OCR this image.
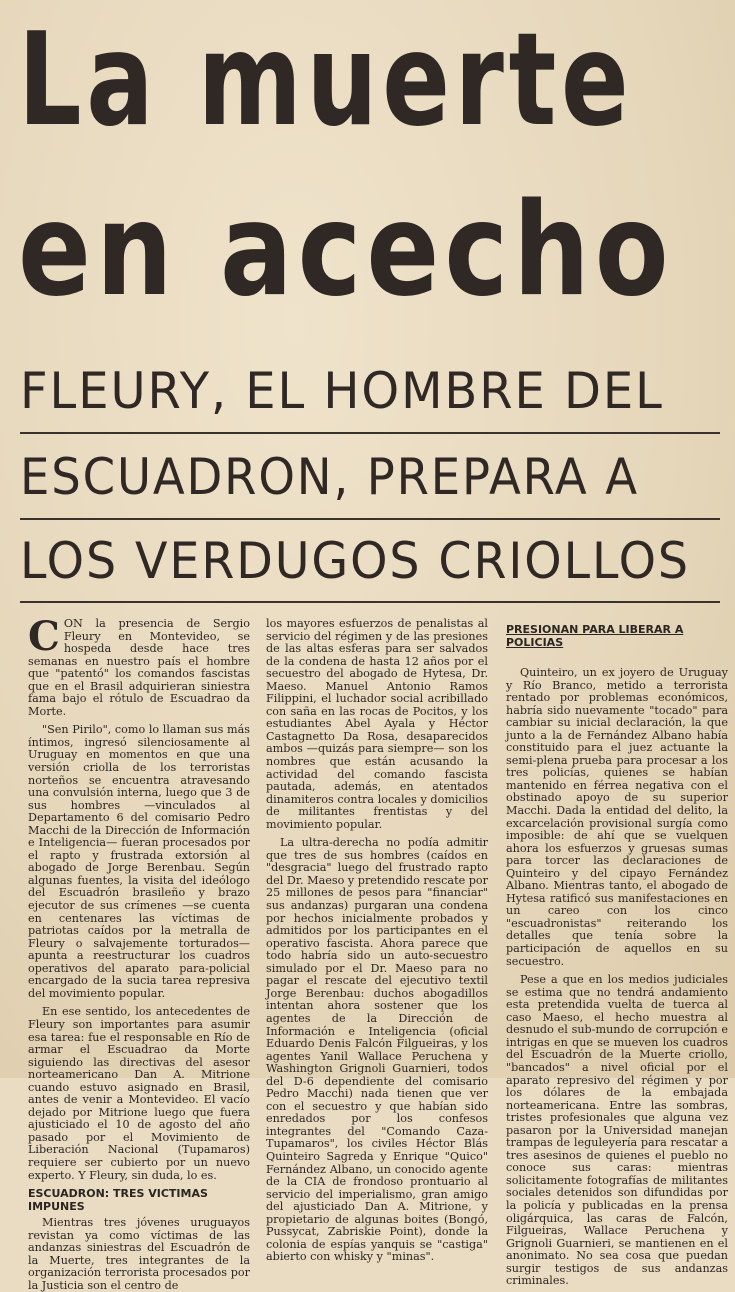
La muerte
en acecho
FLEURY, EL HOMBRE DEL
ESCUADRON, PREPARA A
LOS VERDUGOS CRIOLLOS

CON la presencia de Sergio Fleury en Montevideo, se hospeda desde hace tres semanas en nuestro país el hombre que "patentó" los comandos fascistas que en el Brasil adquirieran siniestra fama bajo el rótulo de Escuadrao da Morte.

"Sen Pirilo", como lo llaman sus más íntimos, ingresó silenciosamente al Uruguay en momentos en que una versión criolla de los terroristas norteños se encuentra atravesando una convulsión interna, luego que 3 de sus hombres —vinculados al Departamento 6 del comisario Pedro Macchi de la Dirección de Información e Inteligencia— fueran procesados por el rapto y frustrada extorsión al abogado de Jorge Berenbau. Según algunas fuentes, la visita del ideólogo del Escuadrón brasileño y brazo ejecutor de sus crímenes —se cuenta en centenares las víctimas de patriotas caídos por la metralla de Fleury o salvajemente torturados— apunta a reestructurar los cuadros operativos del aparato para-policial encargado de la sucia tarea represiva del movimiento popular.

En ese sentido, los antecedentes de Fleury son importantes para asumir esa tarea: fue el responsable en Río de armar el Escuadrao da Morte siguiendo las directivas del asesor norteamericano Dan A. Mitrione cuando estuvo asignado en Brasil, antes de venir a Montevideo. El vacío dejado por Mitrione luego que fuera ajusticiado el 10 de agosto del año pasado por el Movimiento de Liberación Nacional (Tupamaros) requiere ser cubierto por un nuevo experto. Y Fleury, sin duda, lo es.

ESCUADRON: TRES VICTIMAS IMPUNES

Mientras tres jóvenes uruguayos revistan ya como víctimas de las andanzas siniestras del Escuadrón de la Muerte, tres integrantes de la organización terrorista procesados por la Justicia son el centro de

los mayores esfuerzos de penalistas al servicio del régimen y de las presiones de las altas esferas para ser salvados de la condena de hasta 12 años por el secuestro del abogado de Hytesa, Dr. Maeso. Manuel Antonio Ramos Filippini, el luchador social acribillado con saña en las rocas de Pocitos, y los estudiantes Abel Ayala y Héctor Castagnetto Da Rosa, desaparecidos ambos —quizás para siempre— son los nombres que están acusando la actividad del comando fascista pautada, además, en atentados dinamiteros contra locales y domicilios de militantes frentistas y del movimiento popular.

La ultra-derecha no podía admitir que tres de sus hombres (caídos en "desgracia" luego del frustrado rapto del Dr. Maeso y pretendido rescate por 25 millones de pesos para "financiar" sus andanzas) purgaran una condena por hechos inicialmente probados y admitidos por los participantes en el operativo fascista. Ahora parece que todo habría sido un auto-secuestro simulado por el Dr. Maeso para no pagar el rescate del ejecutivo textil Jorge Berenbau: duchos abogadillos intentan ahora sostener que los agentes de la Dirección de Información e Inteligencia (oficial Eduardo Denis Falcón Filgueiras, y los agentes Yanil Wallace Peruchena y Washington Grignoli Guarnieri, todos del D-6 dependiente del comisario Pedro Macchi) nada tienen que ver con el secuestro y que habían sido enredados por los confesos integrantes del "Comando Caza-Tupamaros", los civiles Héctor Blás Quinteiro Sagreda y Enrique "Quico" Fernández Albano, un conocido agente de la CIA de frondoso prontuario al servicio del imperialismo, gran amigo del ajusticiado Dan A. Mitrione, y propietario de algunas boites (Bongó, Pussycat, Zabriskie Point), donde la colonia de espías yanquis se "castiga" abierto con whisky y "minas".

PRESIONAN PARA LIBERAR A POLICIAS

Quinteiro, un ex joyero de Uruguay y Río Branco, metido a terrorista rentado por problemas económicos, habría sido nuevamente "tocado" para cambiar su inicial declaración, la que junto a la de Fernández Albano había constituido para el juez actuante la semi-plena prueba para procesar a los tres policías, quienes se habían mantenido en férrea negativa con el obstinado apoyo de su superior Macchi. Dada la entidad del delito, la excarcelación provisional surgía como imposible: de ahí que se vuelquen ahora los esfuerzos y gruesas sumas para torcer las declaraciones de Quinteiro y del cipayo Fernández Albano. Mientras tanto, el abogado de Hytesa ratificó sus manifestaciones en un careo con los cinco "escuadronistas" reiterando los detalles que tenía sobre la participación de aquellos en su secuestro.

Pese a que en los medios judiciales se estima que no tendrá andamiento esta pretendida vuelta de tuerca al caso Maeso, el hecho muestra al desnudo el sub-mundo de corrupción e intrigas en que se mueven los cuadros del Escuadrón de la Muerte criollo, "bancados" a nivel oficial por el aparato represivo del régimen y por los dólares de la embajada norteamericana. Entre las sombras, tristes profesionales que alguna vez pasaron por la Universidad manejan trampas de leguleyería para rescatar a tres asesinos de quienes el pueblo no conoce sus caras: mientras solicitamente fotografías de militantes sociales detenidos son difundidas por la policía y publicadas en la prensa oligárquica, las caras de Falcón, Filgueiras, Wallace Peruchena y Grignoli Guarnieri, se mantienen en el anonimato. No sea cosa que puedan surgir testigos de sus andanzas criminales.
